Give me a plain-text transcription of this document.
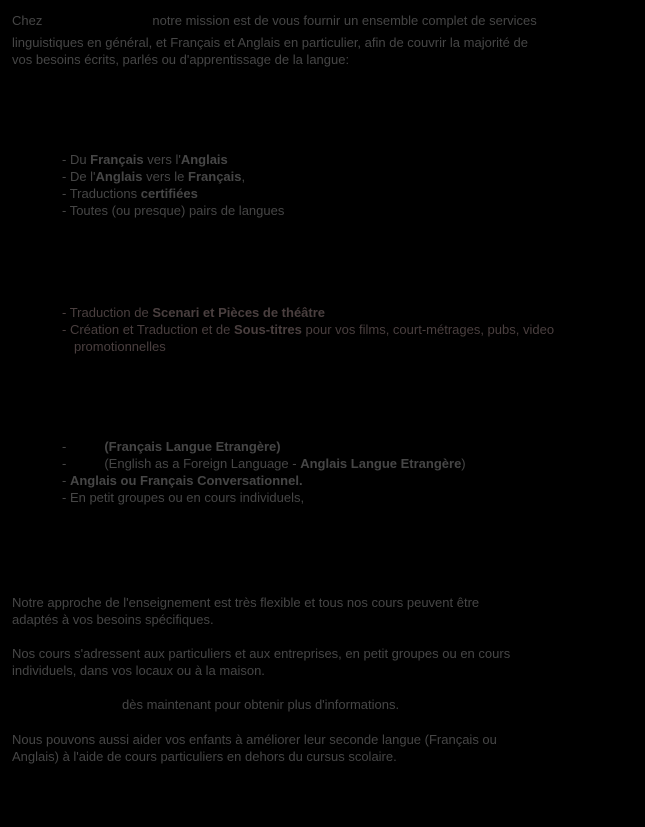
Chez	notre mission est de vous fournir un ensemble complet de services
linguistiques en général, et Français et Anglais en particulier, afin de couvrir la majorité de
vos besoins écrits, parlés ou d'apprentissage de la langue:
- Du Français vers l'Anglais
- De l'Anglais vers le Français,
- Traductions certifiées
- Toutes (ou presque) pairs de langues
- Traduction de Scenari et Pièces de théâtre
- Création et Traduction et de Sous-titres pour vos films, court-métrages, pubs, video
promotionnelles
-	(Français Langue Etrangère)
-	(English as a Foreign Language - Anglais Langue Etrangère)
- Anglais ou Français Conversationnel.
- En petit groupes ou en cours individuels,
Notre approche de l'enseignement est très flexible et tous nos cours peuvent être
adaptés à vos besoins spécifiques.
Nos cours s'adressent aux particuliers et aux entreprises, en petit groupes ou en cours
individuels, dans vos locaux ou à la maison.
dès maintenant pour obtenir plus d'informations.
Nous pouvons aussi aider vos enfants à améliorer leur seconde langue (Français ou
Anglais) à l'aide de cours particuliers en dehors du cursus scolaire.
